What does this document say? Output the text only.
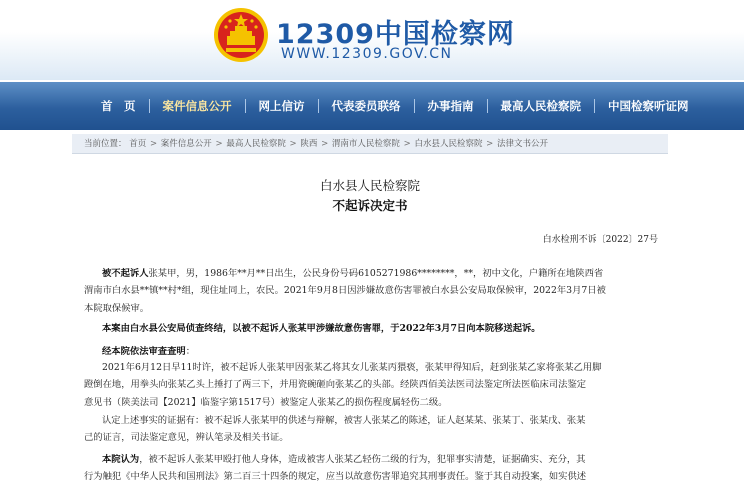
12309中国检察网
WWW.12309.GOV.CN
首　页	案件信息公开	网上信访	代表委员联络	办事指南	最高人民检察院	中国检察听证网
当前位置： 首页 > 案件信息公开 > 最高人民检察院 > 陕西 > 渭南市人民检察院 > 白水县人民检察院 > 法律文书公开
白水县人民检察院
不起诉决定书
白水检刑不诉〔2022〕27号
被不起诉人张某甲，男，1986年**月**日出生，公民身份号码6105271986********，**，初中文化，户籍所在地陕西省
渭南市白水县**镇**村*组，现住址同上，农民。2021年9月8日因涉嫌故意伤害罪被白水县公安局取保候审，2022年3月7日被
本院取保候审。
本案由白水县公安局侦查终结，以被不起诉人张某甲涉嫌故意伤害罪，于2022年3月7日向本院移送起诉。
经本院依法审查查明：
2021年6月12日早11时许，被不起诉人张某甲因张某乙将其女儿张某丙猥亵，张某甲得知后，赶到张某乙家将张某乙用脚
蹬倒在地，用拳头向张某乙头上捶打了两三下，并用瓷碗砸向张某乙的头部。经陕西佰美法医司法鉴定所法医临床司法鉴定
意见书（陕美法司【2021】临鉴字第1517号）被鉴定人张某乙的损伤程度属轻伤二级。
认定上述事实的证据有：被不起诉人张某甲的供述与辩解，被害人张某乙的陈述，证人赵某某、张某丁、张某戊、张某
己的证言，司法鉴定意见，辨认笔录及相关书证。
本院认为，被不起诉人张某甲殴打他人身体，造成被害人张某乙轻伤二级的行为，犯罪事实清楚，证据确实、充分，其
行为触犯《中华人民共和国刑法》第二百三十四条的规定，应当以故意伤害罪追究其刑事责任。鉴于其自动投案，如实供述
